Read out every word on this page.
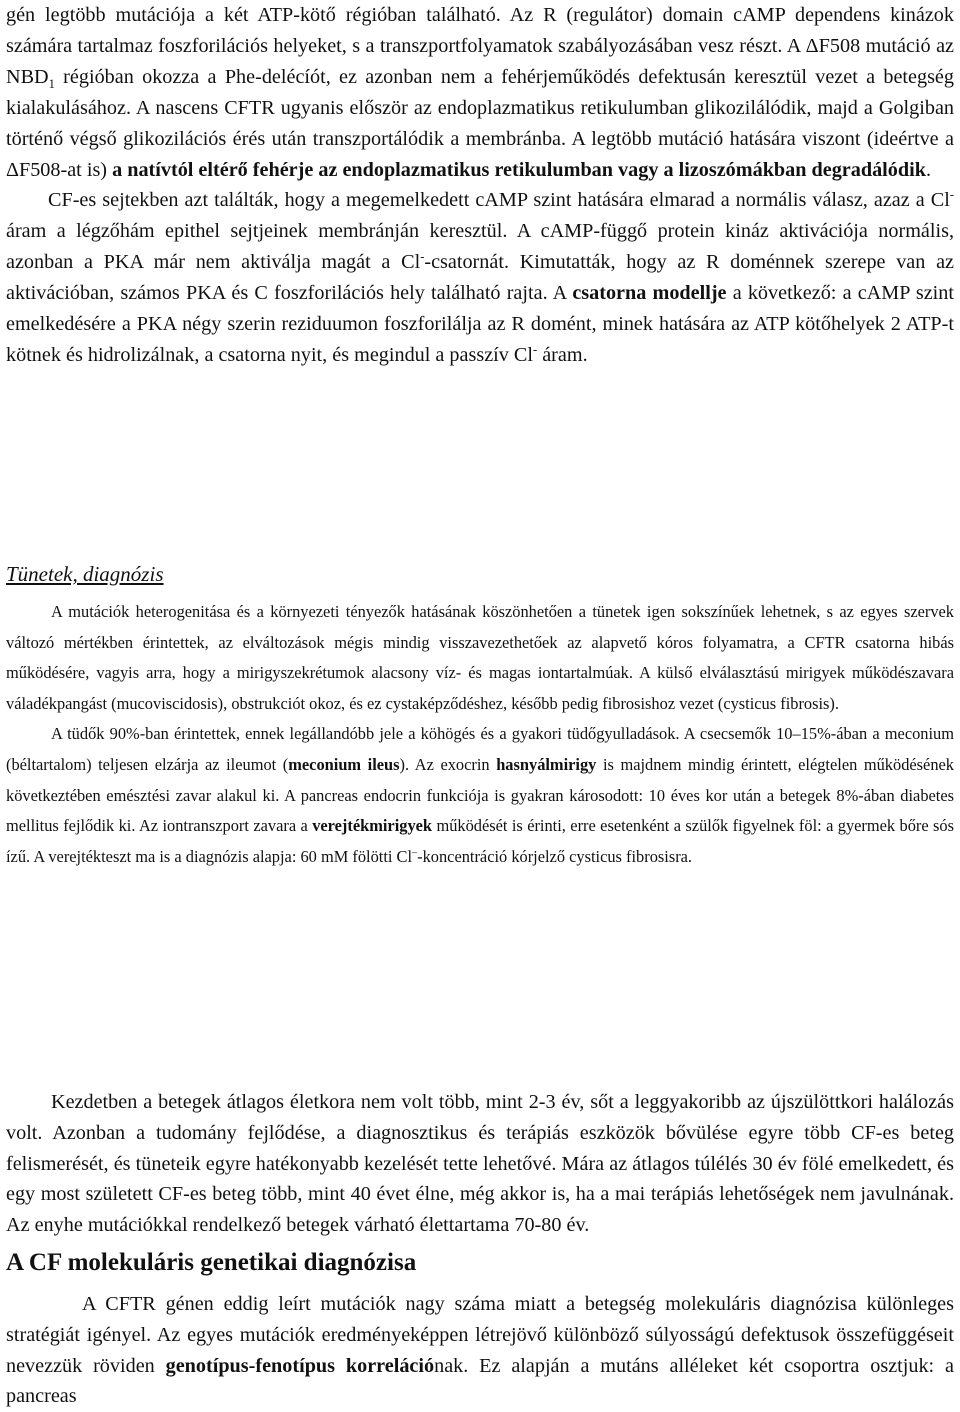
gén legtöbb mutációja a két ATP-kötő régióban található. Az R (regulátor) domain cAMP dependens kinázok számára tartalmaz foszforilációs helyeket, s a transzportfolyamatok szabályozásában vesz részt. A ΔF508 mutáció az $NBD_1$ régióban okozza a Phe-delécíót, ez azonban nem a fehérjeműködés defektusán keresztül vezet a betegség kialakulásához. A nascens CFTR ugyanis először az endoplazmatikus retikulumban glikozilálódik, majd a Golgiban történő végső glikozilációs érés után transzportálódik a membránba. A legtöbb mutáció hatására viszont (ideértve a ΔF508-at is) a natívtól eltérő fehérje az endoplazmatikus retikulumban vagy a lizoszómákban degradálódik.
CF-es sejtekben azt találták, hogy a megemelkedett cAMP szint hatására elmarad a normális válasz, azaz a Cl- áram a légzőhám epithel sejtjeinek membránján keresztül. A cAMP-függő protein kináz aktivációja normális, azonban a PKA már nem aktiválja magát a Cl--csatornát. Kimutatták, hogy az R doménnek szerepe van az aktivációban, számos PKA és C foszforilációs hely található rajta. A csatorna modellje a következő: a cAMP szint emelkedésére a PKA négy szerin reziduumon foszforilálja az R domént, minek hatására az ATP kötőhelyek 2 ATP-t kötnek és hidrolizálnak, a csatorna nyit, és megindul a passzív Cl- áram.

Tünetek, diagnózis

A mutációk heterogenitása és a környezeti tényezők hatásának köszönhetően a tünetek igen sokszínűek lehetnek, s az egyes szervek változó mértékben érintettek, az elváltozások mégis mindig visszavezethetőek az alapvető kóros folyamatra, a CFTR csatorna hibás működésére, vagyis arra, hogy a mirigyszekrétumok alacsony víz- és magas iontartalmúak. A külső elválasztású mirigyek működészavara váladékpangást (mucoviscidosis), obstrukciót okoz, és ez cystaképződéshez, később pedig fibrosishoz vezet (cysticus fibrosis).
A tüdők 90%-ban érintettek, ennek legállandóbb jele a köhögés és a gyakori tüdőgyulladások. A csecsemők 10–15%-ában a meconium (béltartalom) teljesen elzárja az ileumot (meconium ileus). Az exocrin hasnyálmirigy is majdnem mindig érintett, elégtelen működésének következtében emésztési zavar alakul ki. A pancreas endocrin funkciója is gyakran károsodott: 10 éves kor után a betegek 8%-ában diabetes mellitus fejlődik ki. Az iontranszport zavara a verejtékmirigyek működését is érinti, erre esetenként a szülők figyelnek föl: a gyermek bőre sós ízű. A verejtékteszt ma is a diagnózis alapja: 60 mM fölötti Cl–-koncentráció kórjelző cysticus fibrosisra.

Kezdetben a betegek átlagos életkora nem volt több, mint 2-3 év, sőt a leggyakoribb az újszülöttkori halálozás volt. Azonban a tudomány fejlődése, a diagnosztikus és terápiás eszközök bővülése egyre több CF-es beteg felismerését, és tüneteik egyre hatékonyabb kezelését tette lehetővé. Mára az átlagos túlélés 30 év fölé emelkedett, és egy most született CF-es beteg több, mint 40 évet élne, még akkor is, ha a mai terápiás lehetőségek nem javulnának. Az enyhe mutációkkal rendelkező betegek várható élettartama 70-80 év.

A CF molekuláris genetikai diagnózisa

A CFTR génen eddig leírt mutációk nagy száma miatt a betegség molekuláris diagnózisa különleges stratégiát igényel. Az egyes mutációk eredményeképpen létrejövő különböző súlyosságú defektusok összefüggéseit nevezzük röviden genotípus-fenotípus korrelációnak. Ez alapján a mutáns alléleket két csoportra osztjuk: a pancreas
